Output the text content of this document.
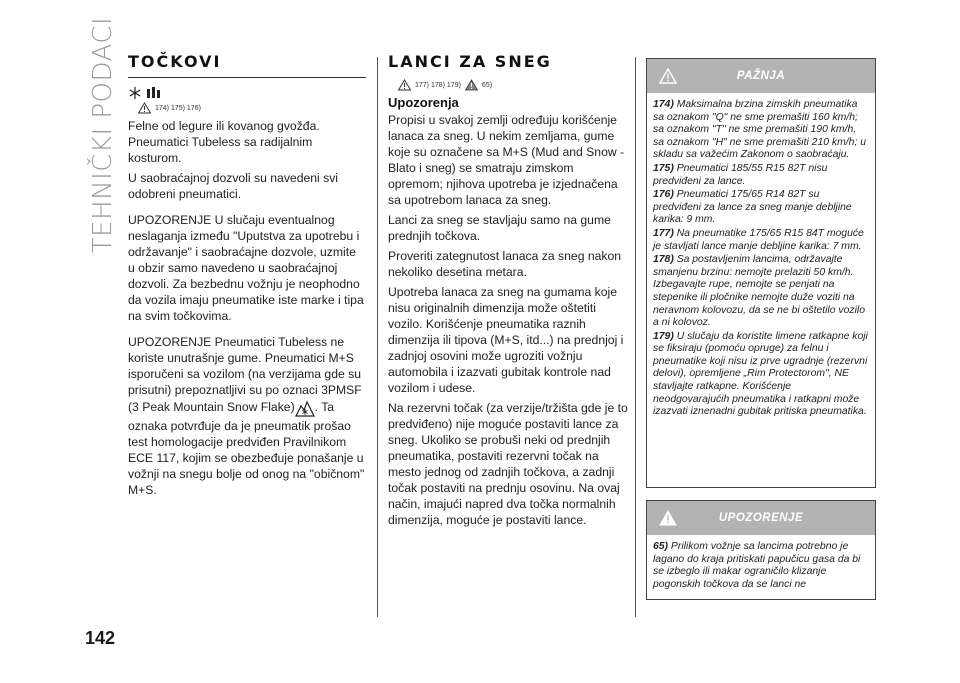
TEHNIČKI PODACI TOČKOVI

174) 175) 176)

Felne od legure ili kovanog gvožđa. Pneumatici Tubeless sa radijalnim kosturom.

U saobraćajnoj dozvoli su navedeni svi odobreni pneumatici.

UPOZORENJE U slučaju eventualnog neslaganja između "Uputstva za upotrebu i održavanje" i saobraćajne dozvole, uzmite u obzir samo navedeno u saobraćajnoj dozvoli. Za bezbednu vožnju je neophodno da vozila imaju pneumatike iste marke i tipa na svim točkovima.

UPOZORENJE Pneumatici Tubeless ne koriste unutrašnje gume. Pneumatici M+S isporučeni sa vozilom (na verzijama gde su prisutni) prepoznatljivi su po oznaci 3PMSF (3 Peak Mountain Snow Flake) . Ta oznaka potvrđuje da je pneumatik prošao test homologacije predviđen Pravilnikom ECE 117, kojim se obezbeđuje ponašanje u vožnji na snegu bolje od onog na "običnom" M+S.

LANCI ZA SNEG
177) 178) 179)	65)
Upozorenja

Propisi u svakoj zemlji određuju korišćenje lanaca za sneg. U nekim zemljama, gume koje su označene sa M+S (Mud and Snow - Blato i sneg) se smatraju zimskom opremom; njihova upotreba je izjednačena sa upotrebom lanaca za sneg.

Lanci za sneg se stavljaju samo na gume prednjih točkova.

Proveriti zategnutost lanaca za sneg nakon nekoliko desetina metara.

Upotreba lanaca za sneg na gumama koje nisu originalnih dimenzija može oštetiti vozilo. Korišćenje pneumatika raznih dimenzija ili tipova (M+S, itd...) na prednjoj i zadnjoj osovini može ugroziti vožnju automobila i izazvati gubitak kontrole nad vozilom i udese.

Na rezervni točak (za verzije/tržišta gde je to predviđeno) nije moguće postaviti lance za sneg. Ukoliko se probuši neki od prednjih pneumatika, postaviti rezervni točak na mesto jednog od zadnjih točkova, a zadnji točak postaviti na prednju osovinu. Na ovaj način, imajući napred dva točka normalnih dimenzija, moguće je postaviti lance.

PAŽNJA

174) Maksimalna brzina zimskih pneumatika sa oznakom "Q" ne sme premašiti 160 km/h; sa oznakom "T" ne sme premašiti 190 km/h, sa oznakom "H" ne sme premašiti 210 km/h; u skladu sa važećim Zakonom o saobraćaju.

175) Pneumatici 185/55 R15 82T nisu predviđeni za lance.

176) Pneumatici 175/65 R14 82T su predviđeni za lance za sneg manje debljine karika: 9 mm.

177) Na pneumatike 175/65 R15 84T moguće je stavljati lance manje debljine karika: 7 mm.

178) Sa postavljenim lancima, održavajte smanjenu brzinu: nemojte prelaziti 50 km/h. Izbegavajte rupe, nemojte se penjati na stepenike ili pločnike nemojte duže voziti na neravnom kolovozu, da se ne bi oštetilo vozilo a ni kolovoz.

179) U slučaju da koristite limene ratkapne koji se fiksiraju (pomoću opruge) za felnu i pneumatike koji nisu iz prve ugradnje (rezervni delovi), opremljene „Rim Protectorom", NE stavljajte ratkapne. Korišćenje neodgovarajućih pneumatika i ratkapni može izazvati iznenadni gubitak pritiska pneumatika.

UPOZORENJE

65) Prilikom vožnje sa lancima potrebno je lagano do kraja pritiskati papučicu gasa da bi se izbeglo ili makar ograničilo klizanje pogonskih točkova da se lanci ne

142
